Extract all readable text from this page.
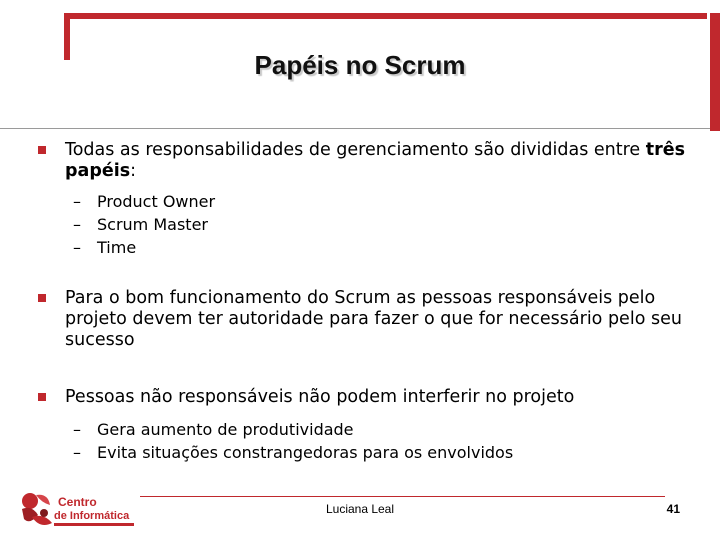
Papéis no Scrum
Todas as responsabilidades de gerenciamento são divididas entre três papéis:
– Product Owner
– Scrum Master
– Time
Para o bom funcionamento do Scrum as pessoas responsáveis pelo projeto devem ter autoridade para fazer o que for necessário pelo seu sucesso
Pessoas não responsáveis não podem interferir no projeto
– Gera aumento de produtividade
– Evita situações constrangedoras para os envolvidos
Centro
de Informática	Luciana Leal	41
